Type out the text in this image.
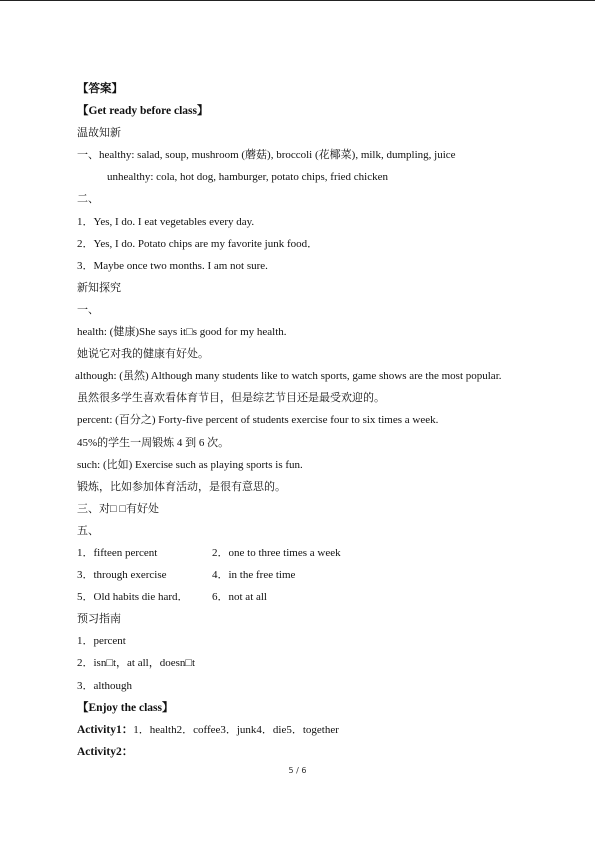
【答案】
【Get ready before class】
温故知新
一、healthy: salad, soup, mushroom (蘑菇), broccoli (花椰菜), milk, dumpling, juice
unhealthy: cola, hot dog, hamburger, potato chips, fried chicken
二、
1．Yes, I do. I eat vegetables every day.
2．Yes, I do. Potato chips are my favorite junk food．
3．Maybe once two months. I am not sure.
新知探究
一、
health: (健康)She says it□s good for my health.
她说它对我的健康有好处。
although: (虽然) Although many students like to watch sports, game shows are the most popular.
虽然很多学生喜欢看体育节目，但是综艺节目还是最受欢迎的。
percent: (百分之) Forty-five percent of students exercise four to six times a week.
45%的学生一周锻炼 4 到 6 次。
such: (比如) Exercise such as playing sports is fun.
锻炼，比如参加体育活动，是很有意思的。
三、对□ □有好处
五、
1．fifteen percent	2．one to three times a week
3．through exercise	4．in the free time
5．Old habits die hard． 6．not at all
预习指南
1．percent
2．isn□t，at all，doesn□t
3．although
【Enjoy the class】
Activity1：1．health2．coffee3．junk4．die5．together
Activity2：
5 / 6
